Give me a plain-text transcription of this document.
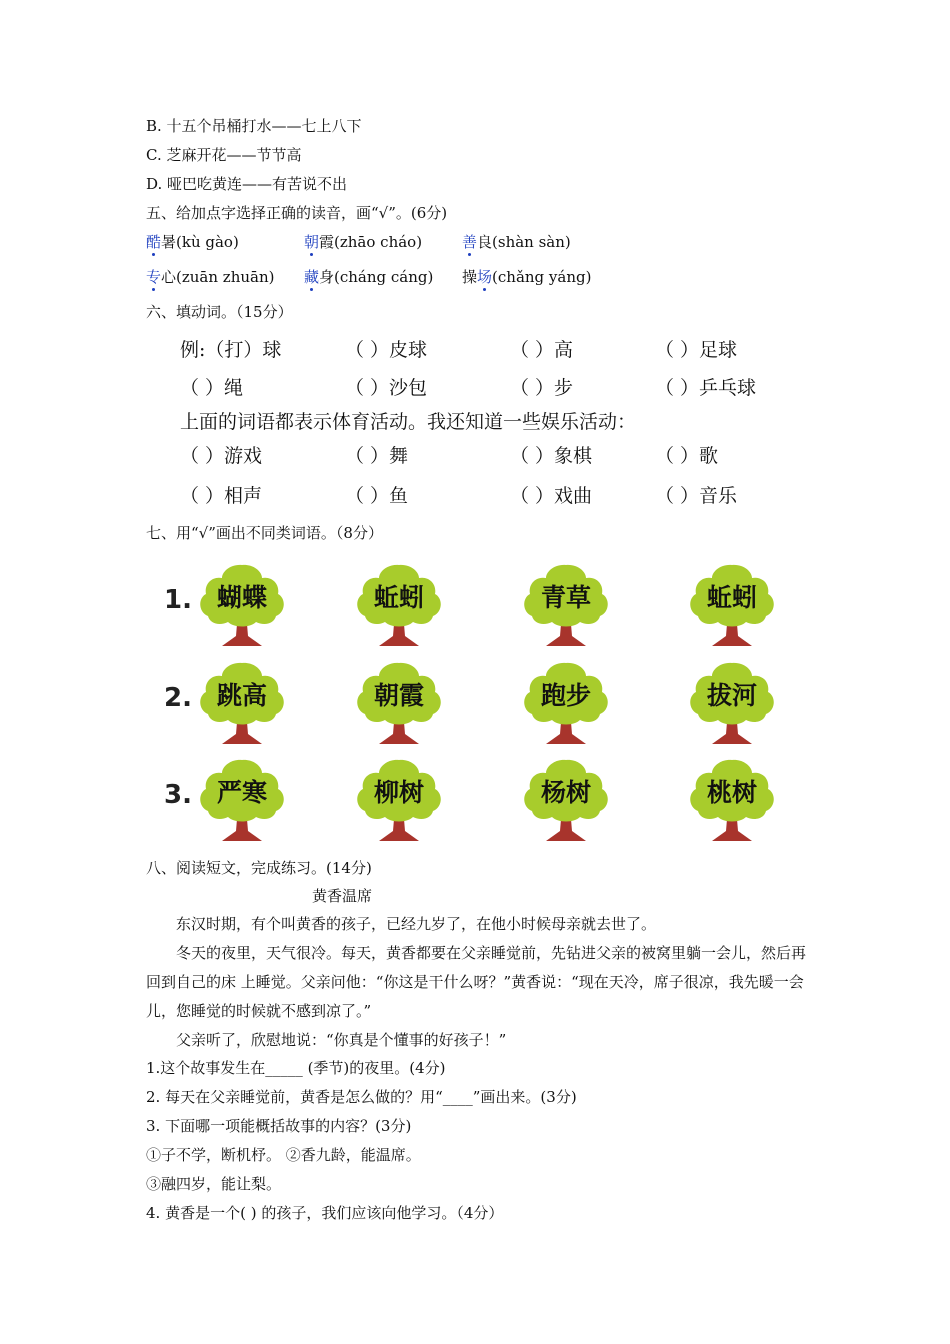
B. 十五个吊桶打水——七上八下
C. 芝麻开花——节节高
D. 哑巴吃黄连——有苦说不出
五、给加点字选择正确的读音，画“√”。(6分)
酷暑(kù gào)	朝霞(zhāo cháo)	善良(shàn sàn)
专心(zuān zhuān) 藏身(cháng cáng) 操场(chǎng yáng)
六、填动词。（15分）
例:（打）球	（ ）皮球	（ ）高	（ ）足球
（ ）绳	（ ）沙包	（ ）步	（ ）乒乓球
上面的词语都表示体育活动。我还知道一些娱乐活动：
（ ）游戏	（ ）舞	（ ）象棋	（ ）歌
（ ）相声	（ ）鱼	（ ）戏曲	（ ）音乐
七、用“√”画出不同类词语。（8分）
1.	蝴蝶	蚯蚓	青草	蚯蚓
2.	跳高	朝霞	跑步	拔河
3.	严寒	柳树	杨树	桃树
八、阅读短文，完成练习。(14分)
黄香温席
东汉时期，有个叫黄香的孩子，已经九岁了，在他小时候母亲就去世了。
冬天的夜里，天气很冷。每天，黄香都要在父亲睡觉前，先钻进父亲的被窝里躺一会儿，然后再回到自己的床 上睡觉。父亲问他：“你这是干什么呀？”黄香说：“现在天冷，席子很凉，我先暖一会儿，您睡觉的时候就不感到凉了。”
父亲听了，欣慰地说：“你真是个懂事的好孩子！”
1.这个故事发生在_____ (季节)的夜里。(4分)
2. 每天在父亲睡觉前，黄香是怎么做的？用“____”画出来。(3分)
3. 下面哪一项能概括故事的内容？(3分)
①子不学，断机杼。 ②香九龄，能温席。
③融四岁，能让梨。
4. 黄香是一个( ) 的孩子，我们应该向他学习。（4分）
